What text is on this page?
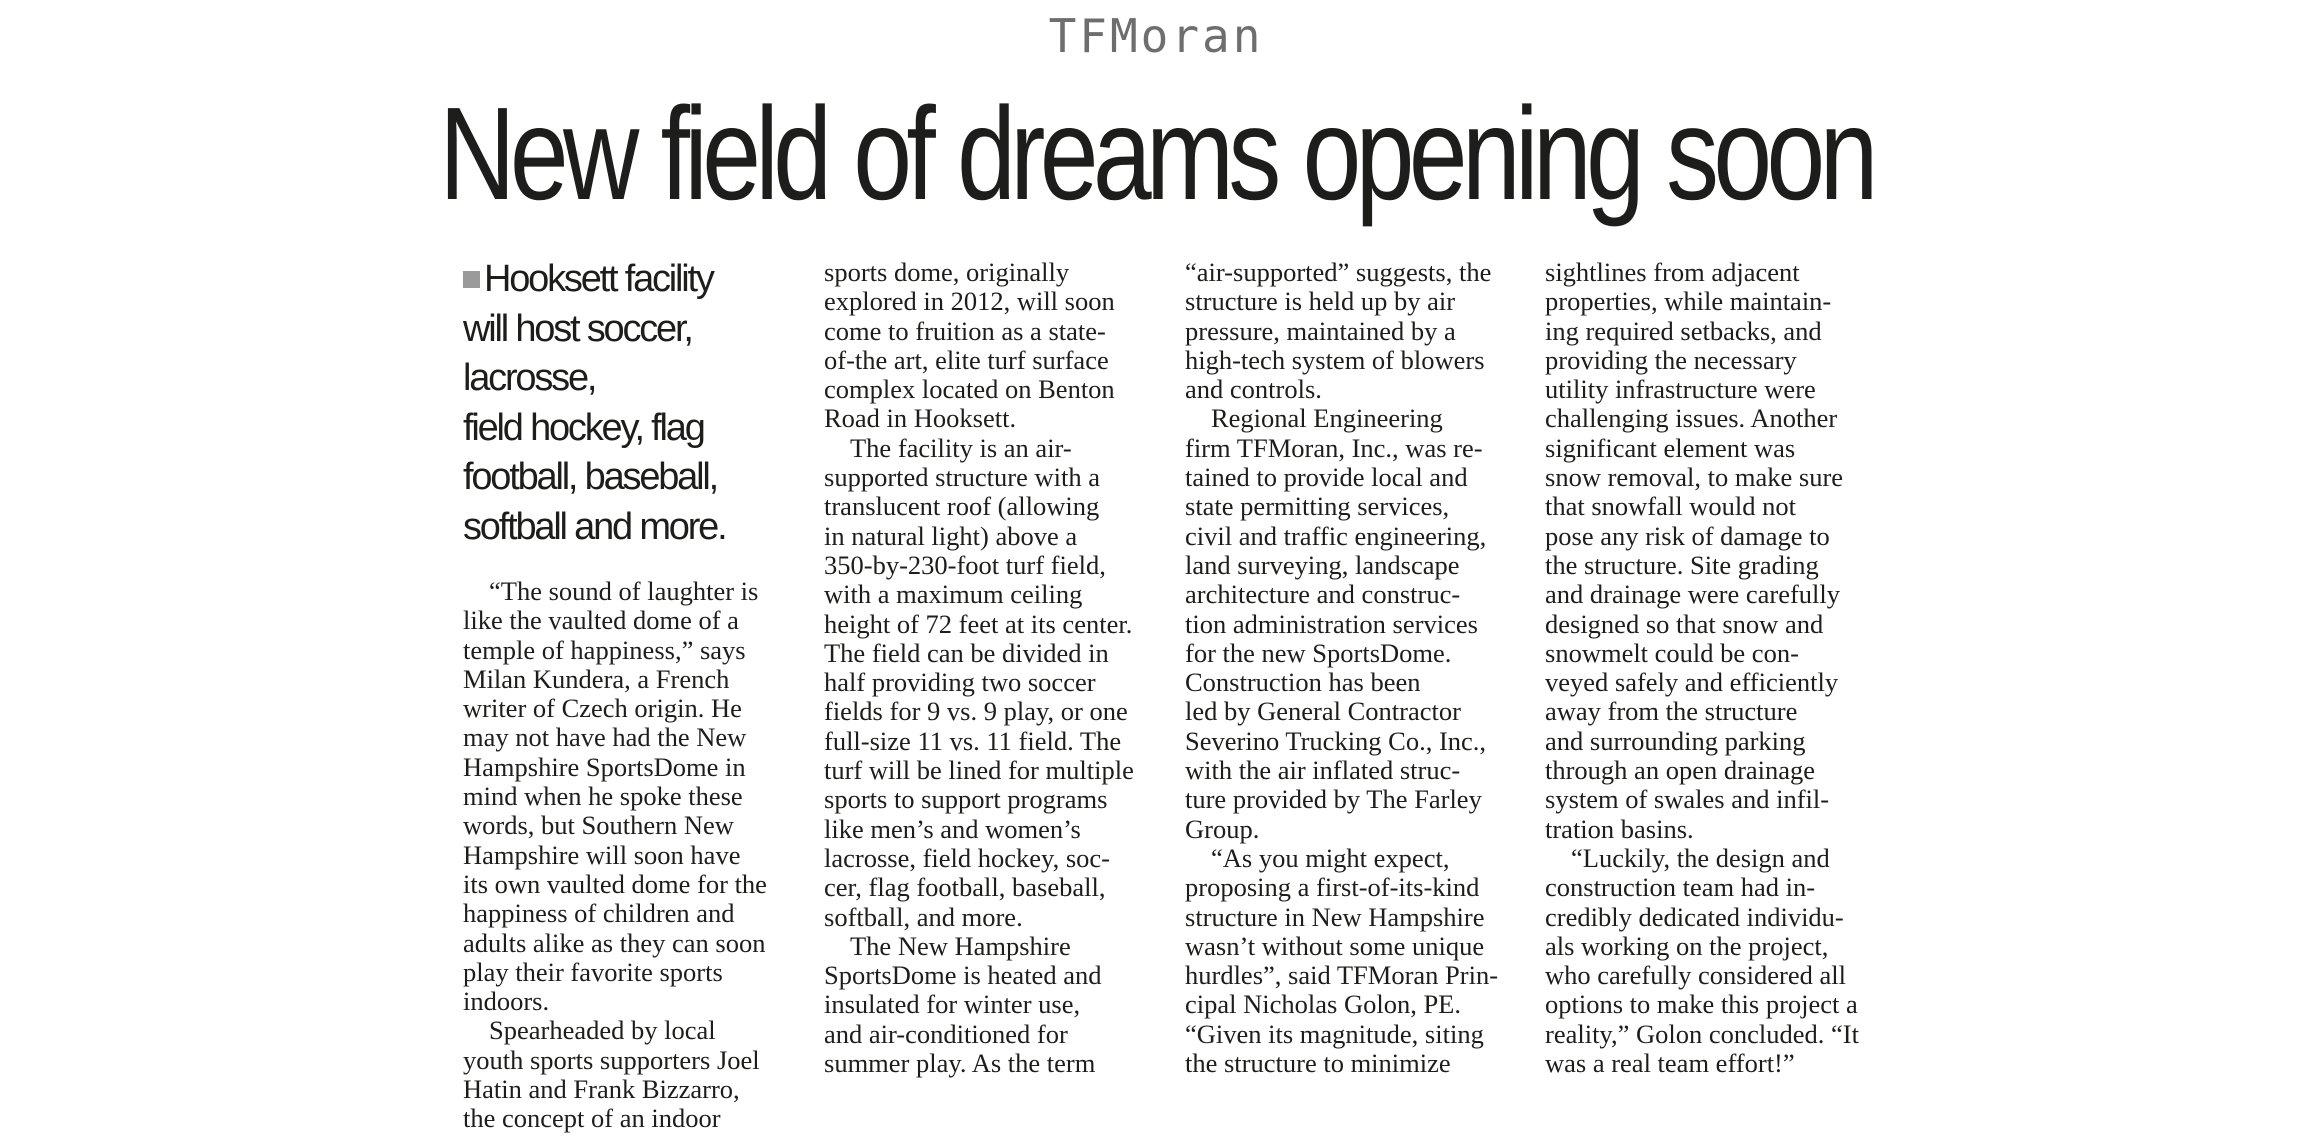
TFMoran
New field of dreams opening soon
Hooksett facility
will host soccer, lacrosse,
field hockey, flag
football, baseball,
softball and more.
“The sound of laughter is
like the vaulted dome of a
temple of happiness,” says
Milan Kundera, a French
writer of Czech origin. He
may not have had the New
Hampshire SportsDome in
mind when he spoke these
words, but Southern New
Hampshire will soon have
its own vaulted dome for the
happiness of children and
adults alike as they can soon
play their favorite sports
indoors.
Spearheaded by local
youth sports supporters Joel
Hatin and Frank Bizzarro,
the concept of an indoor
sports dome, originally
explored in 2012, will soon
come to fruition as a state-
of-the art, elite turf surface
complex located on Benton
Road in Hooksett.
The facility is an air-
supported structure with a
translucent roof (allowing
in natural light) above a
350-by-230-foot turf field,
with a maximum ceiling
height of 72 feet at its center.
The field can be divided in
half providing two soccer
fields for 9 vs. 9 play, or one
full-size 11 vs. 11 field. The
turf will be lined for multiple
sports to support programs
like men’s and women’s
lacrosse, field hockey, soc-
cer, flag football, baseball,
softball, and more.
The New Hampshire
SportsDome is heated and
insulated for winter use,
and air-conditioned for
summer play. As the term
“air-supported” suggests, the
structure is held up by air
pressure, maintained by a
high-tech system of blowers
and controls.
Regional Engineering
firm TFMoran, Inc., was re-
tained to provide local and
state permitting services,
civil and traffic engineering,
land surveying, landscape
architecture and construc-
tion administration services
for the new SportsDome.
Construction has been
led by General Contractor
Severino Trucking Co., Inc.,
with the air inflated struc-
ture provided by The Farley
Group.
“As you might expect,
proposing a first-of-its-kind
structure in New Hampshire
wasn’t without some unique
hurdles”, said TFMoran Prin-
cipal Nicholas Golon, PE.
“Given its magnitude, siting
the structure to minimize
sightlines from adjacent
properties, while maintain-
ing required setbacks, and
providing the necessary
utility infrastructure were
challenging issues. Another
significant element was
snow removal, to make sure
that snowfall would not
pose any risk of damage to
the structure. Site grading
and drainage were carefully
designed so that snow and
snowmelt could be con-
veyed safely and efficiently
away from the structure
and surrounding parking
through an open drainage
system of swales and infil-
tration basins.
“Luckily, the design and
construction team had in-
credibly dedicated individu-
als working on the project,
who carefully considered all
options to make this project a
reality,” Golon concluded. “It
was a real team effort!”
